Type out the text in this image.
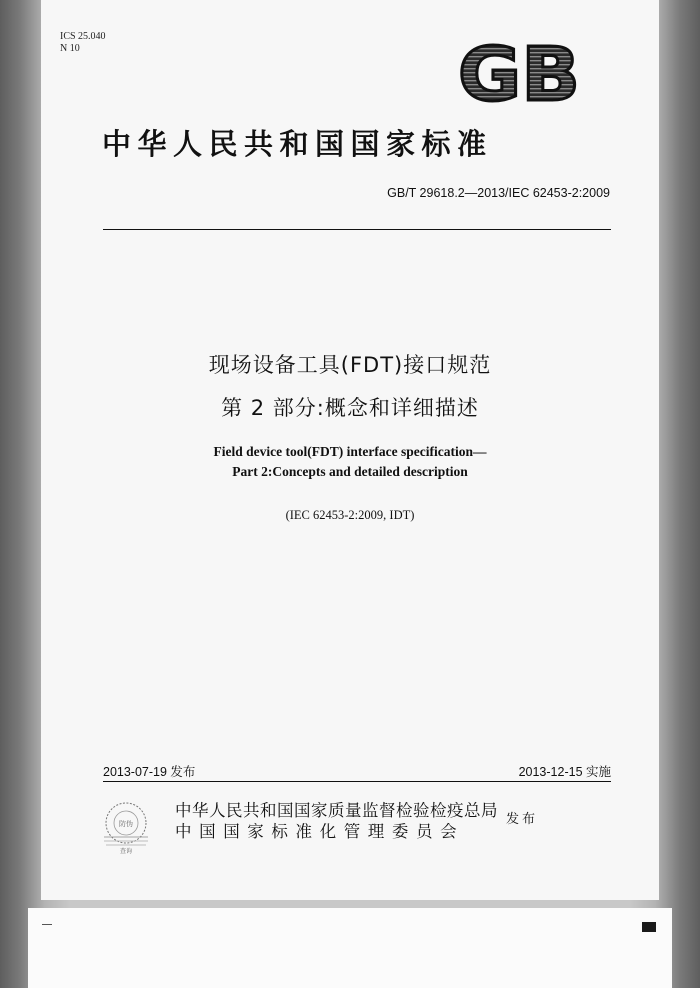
ICS 25.040
N 10	GB
中华人民共和国国家标准
GB/T 29618.2—2013/IEC 62453-2:2009
现场设备工具(FDT)接口规范
第 2 部分:概念和详细描述
Field device tool(FDT) interface specification—
Part 2:Concepts and detailed description
(IEC 62453-2:2009, IDT)
2013-07-19 发布	2013-12-15 实施
防伪
查询
中华人民共和国国家质量监督检验检疫总局
中国国家标准化管理委员会
发布
